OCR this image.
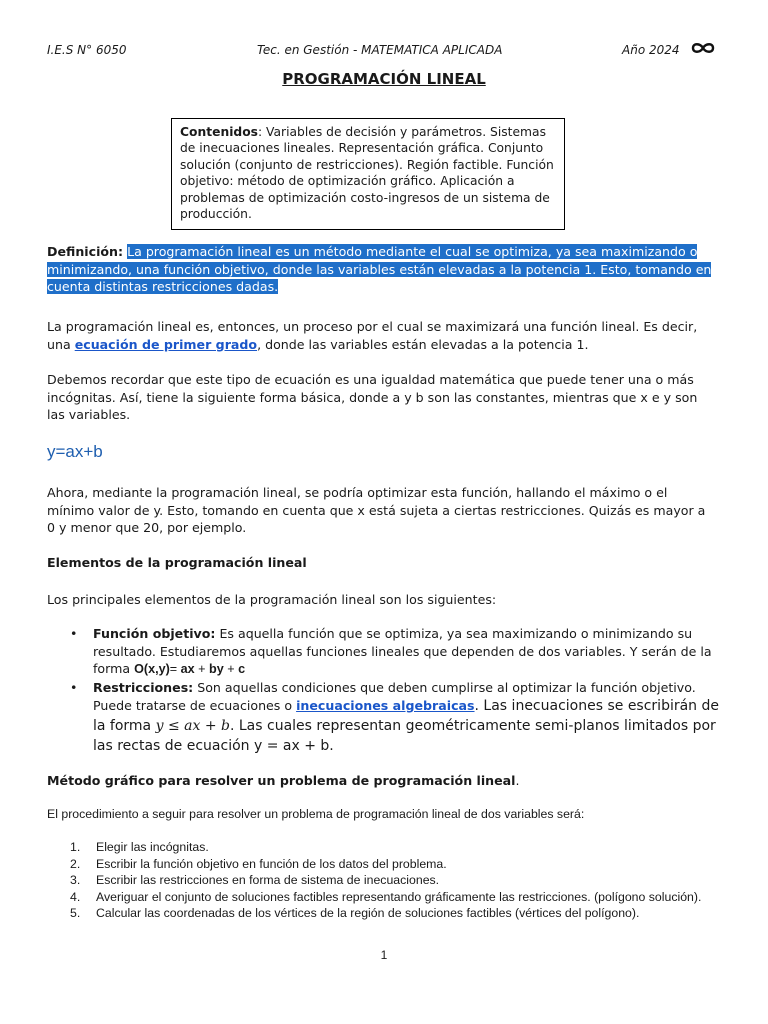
I.E.S N° 6050	Tec. en Gestión - MATEMATICA APLICADA	Año 2024
PROGRAMACIÓN LINEAL
Contenidos: Variables de decisión y parámetros. Sistemas de inecuaciones lineales. Representación gráfica. Conjunto solución (conjunto de restricciones). Región factible. Función objetivo: método de optimización gráfico. Aplicación a problemas de optimización costo-ingresos de un sistema de producción.
Definición: La programación lineal es un método mediante el cual se optimiza, ya sea maximizando o minimizando, una función objetivo, donde las variables están elevadas a la potencia 1. Esto, tomando en cuenta distintas restricciones dadas.
La programación lineal es, entonces, un proceso por el cual se maximizará una función lineal. Es decir, una ecuación de primer grado, donde las variables están elevadas a la potencia 1.
Debemos recordar que este tipo de ecuación es una igualdad matemática que puede tener una o más incógnitas. Así, tiene la siguiente forma básica, donde a y b son las constantes, mientras que x e y son las variables.
y=ax+b
Ahora, mediante la programación lineal, se podría optimizar esta función, hallando el máximo o el mínimo valor de y. Esto, tomando en cuenta que x está sujeta a ciertas restricciones. Quizás es mayor a 0 y menor que 20, por ejemplo.
Elementos de la programación lineal
Los principales elementos de la programación lineal son los siguientes:
• Función objetivo: Es aquella función que se optimiza, ya sea maximizando o minimizando su resultado. Estudiaremos aquellas funciones lineales que dependen de dos variables. Y serán de la forma O(x,y)= ax + by + c
• Restricciones: Son aquellas condiciones que deben cumplirse al optimizar la función objetivo. Puede tratarse de ecuaciones o inecuaciones algebraicas. Las inecuaciones se escribirán de la forma y ≤ ax + b. Las cuales representan geométricamente semi-planos limitados por las rectas de ecuación y = ax + b.
Método gráfico para resolver un problema de programación lineal.
El procedimiento a seguir para resolver un problema de programación lineal de dos variables será:
1. Elegir las incógnitas.
2. Escribir la función objetivo en función de los datos del problema.
3. Escribir las restricciones en forma de sistema de inecuaciones.
4. Averiguar el conjunto de soluciones factibles representando gráficamente las restricciones. (polígono solución).
5. Calcular las coordenadas de los vértices de la región de soluciones factibles (vértices del polígono).
1
